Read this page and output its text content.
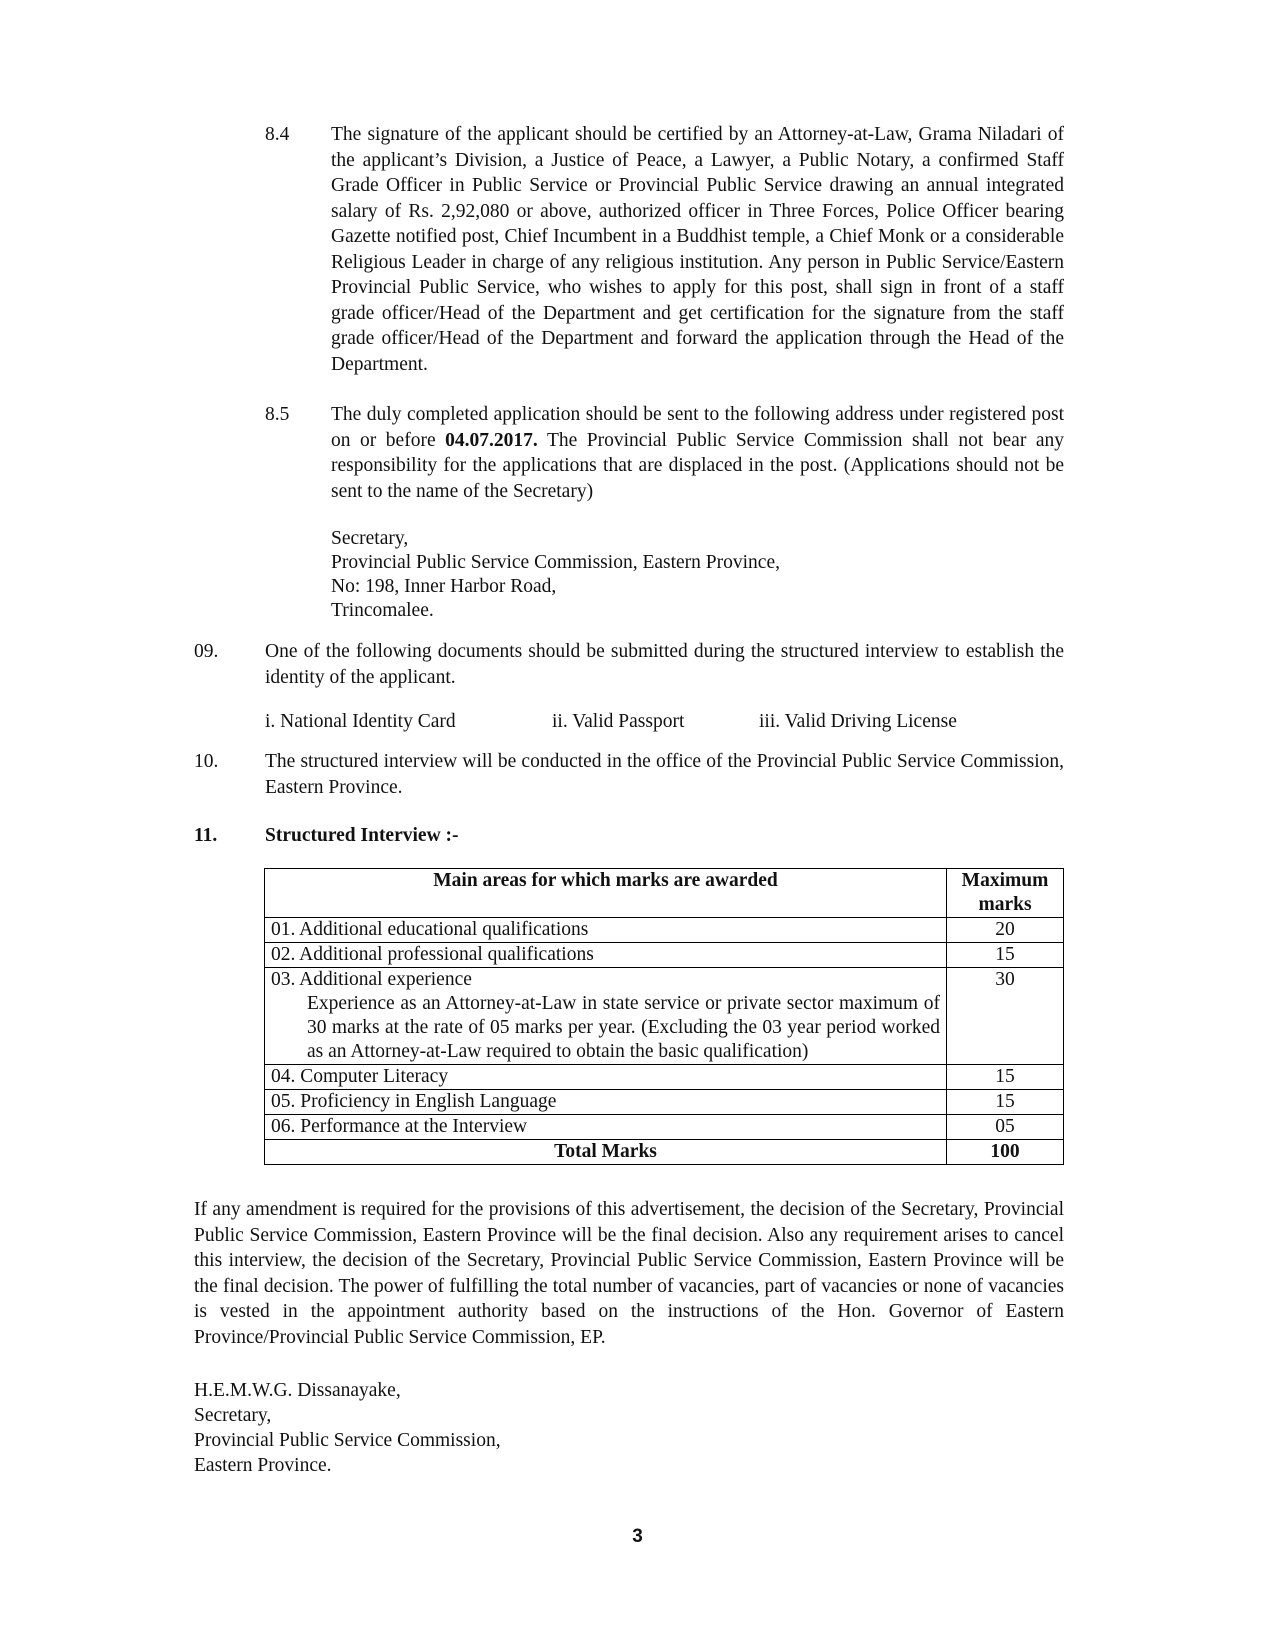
8.4 The signature of the applicant should be certified by an Attorney-at-Law, Grama Niladari of the applicant’s Division, a Justice of Peace, a Lawyer, a Public Notary, a confirmed Staff Grade Officer in Public Service or Provincial Public Service drawing an annual integrated salary of Rs. 2,92,080 or above, authorized officer in Three Forces, Police Officer bearing Gazette notified post, Chief Incumbent in a Buddhist temple, a Chief Monk or a considerable Religious Leader in charge of any religious institution. Any person in Public Service/Eastern Provincial Public Service, who wishes to apply for this post, shall sign in front of a staff grade officer/Head of the Department and get certification for the signature from the staff grade officer/Head of the Department and forward the application through the Head of the Department.
8.5 The duly completed application should be sent to the following address under registered post on or before 04.07.2017. The Provincial Public Service Commission shall not bear any responsibility for the applications that are displaced in the post. (Applications should not be sent to the name of the Secretary)
Secretary,
Provincial Public Service Commission, Eastern Province,
No: 198, Inner Harbor Road,
Trincomalee.
09. One of the following documents should be submitted during the structured interview to establish the identity of the applicant.
i. National Identity Card	ii. Valid Passport	iii. Valid Driving License
10. The structured interview will be conducted in the office of the Provincial Public Service Commission, Eastern Province.
11. Structured Interview :-
Main areas for which marks are awarded	Maximum marks
01. Additional educational qualifications	20
02. Additional professional qualifications	15

03. Additional experience
Experience as an Attorney-at-Law in state service or private sector maximum of 30 marks at the rate of 05 marks per year. (Excluding the 03 year period worked as an Attorney-at-Law required to obtain the basic qualification)	30
04. Computer Literacy	15
05. Proficiency in English Language	15
06. Performance at the Interview	05
Total Marks	100
If any amendment is required for the provisions of this advertisement, the decision of the Secretary, Provincial Public Service Commission, Eastern Province will be the final decision. Also any requirement arises to cancel this interview, the decision of the Secretary, Provincial Public Service Commission, Eastern Province will be the final decision. The power of fulfilling the total number of vacancies, part of vacancies or none of vacancies is vested in the appointment authority based on the instructions of the Hon. Governor of Eastern Province/Provincial Public Service Commission, EP.
H.E.M.W.G. Dissanayake,
Secretary,
Provincial Public Service Commission,
Eastern Province.
3
